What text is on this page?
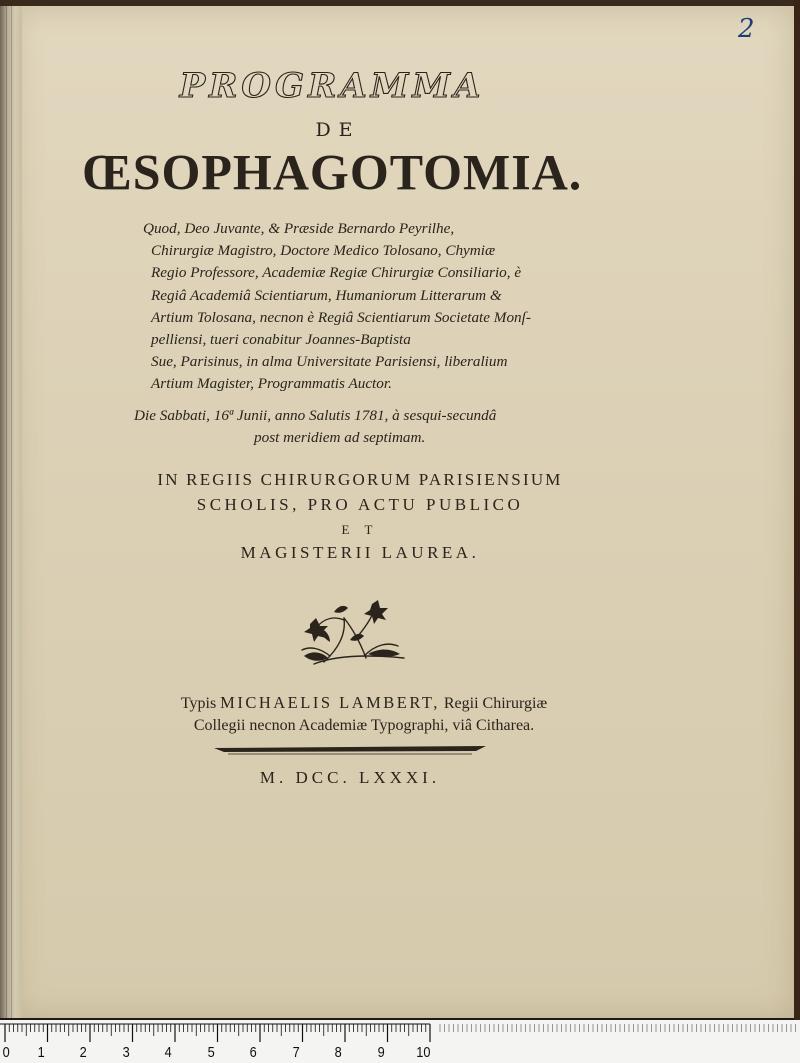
2
PROGRAMMA
DE
ŒSOPHAGOTOMIA.
Quod, Deo Juvante, & Præside Bernardo Peyrilhe,
Chirurgiæ Magistro, Doctore Medico Tolosano, Chymiæ
Regio Professore, Academiæ Regiæ Chirurgiæ Consiliario, è
Regiâ Academiâ Scientiarum, Humaniorum Litterarum &
Artium Tolosana, necnon è Regiâ Scientiarum Societate Monſ-
pelliensi, tueri conabitur Joannes-Baptista
Sue, Parisinus, in alma Universitate Parisiensi, liberalium
Artium Magister, Programmatis Auctor.
Die Sabbati, 16ª Junii, anno Salutis 1781, à sesqui-secundâ
post meridiem ad septimam.
IN REGIIS CHIRURGORUM PARISIENSIUM
SCHOLIS, PRO ACTU PUBLICO
E T
MAGISTERII LAUREA.
Typis MICHAELIS LAMBERT, Regii Chirurgiæ
Collegii necnon Academiæ Typographi, viâ Citharea.
M. DCC. LXXXI.
0 1 2 3 4 5 6 7 8 9 10
